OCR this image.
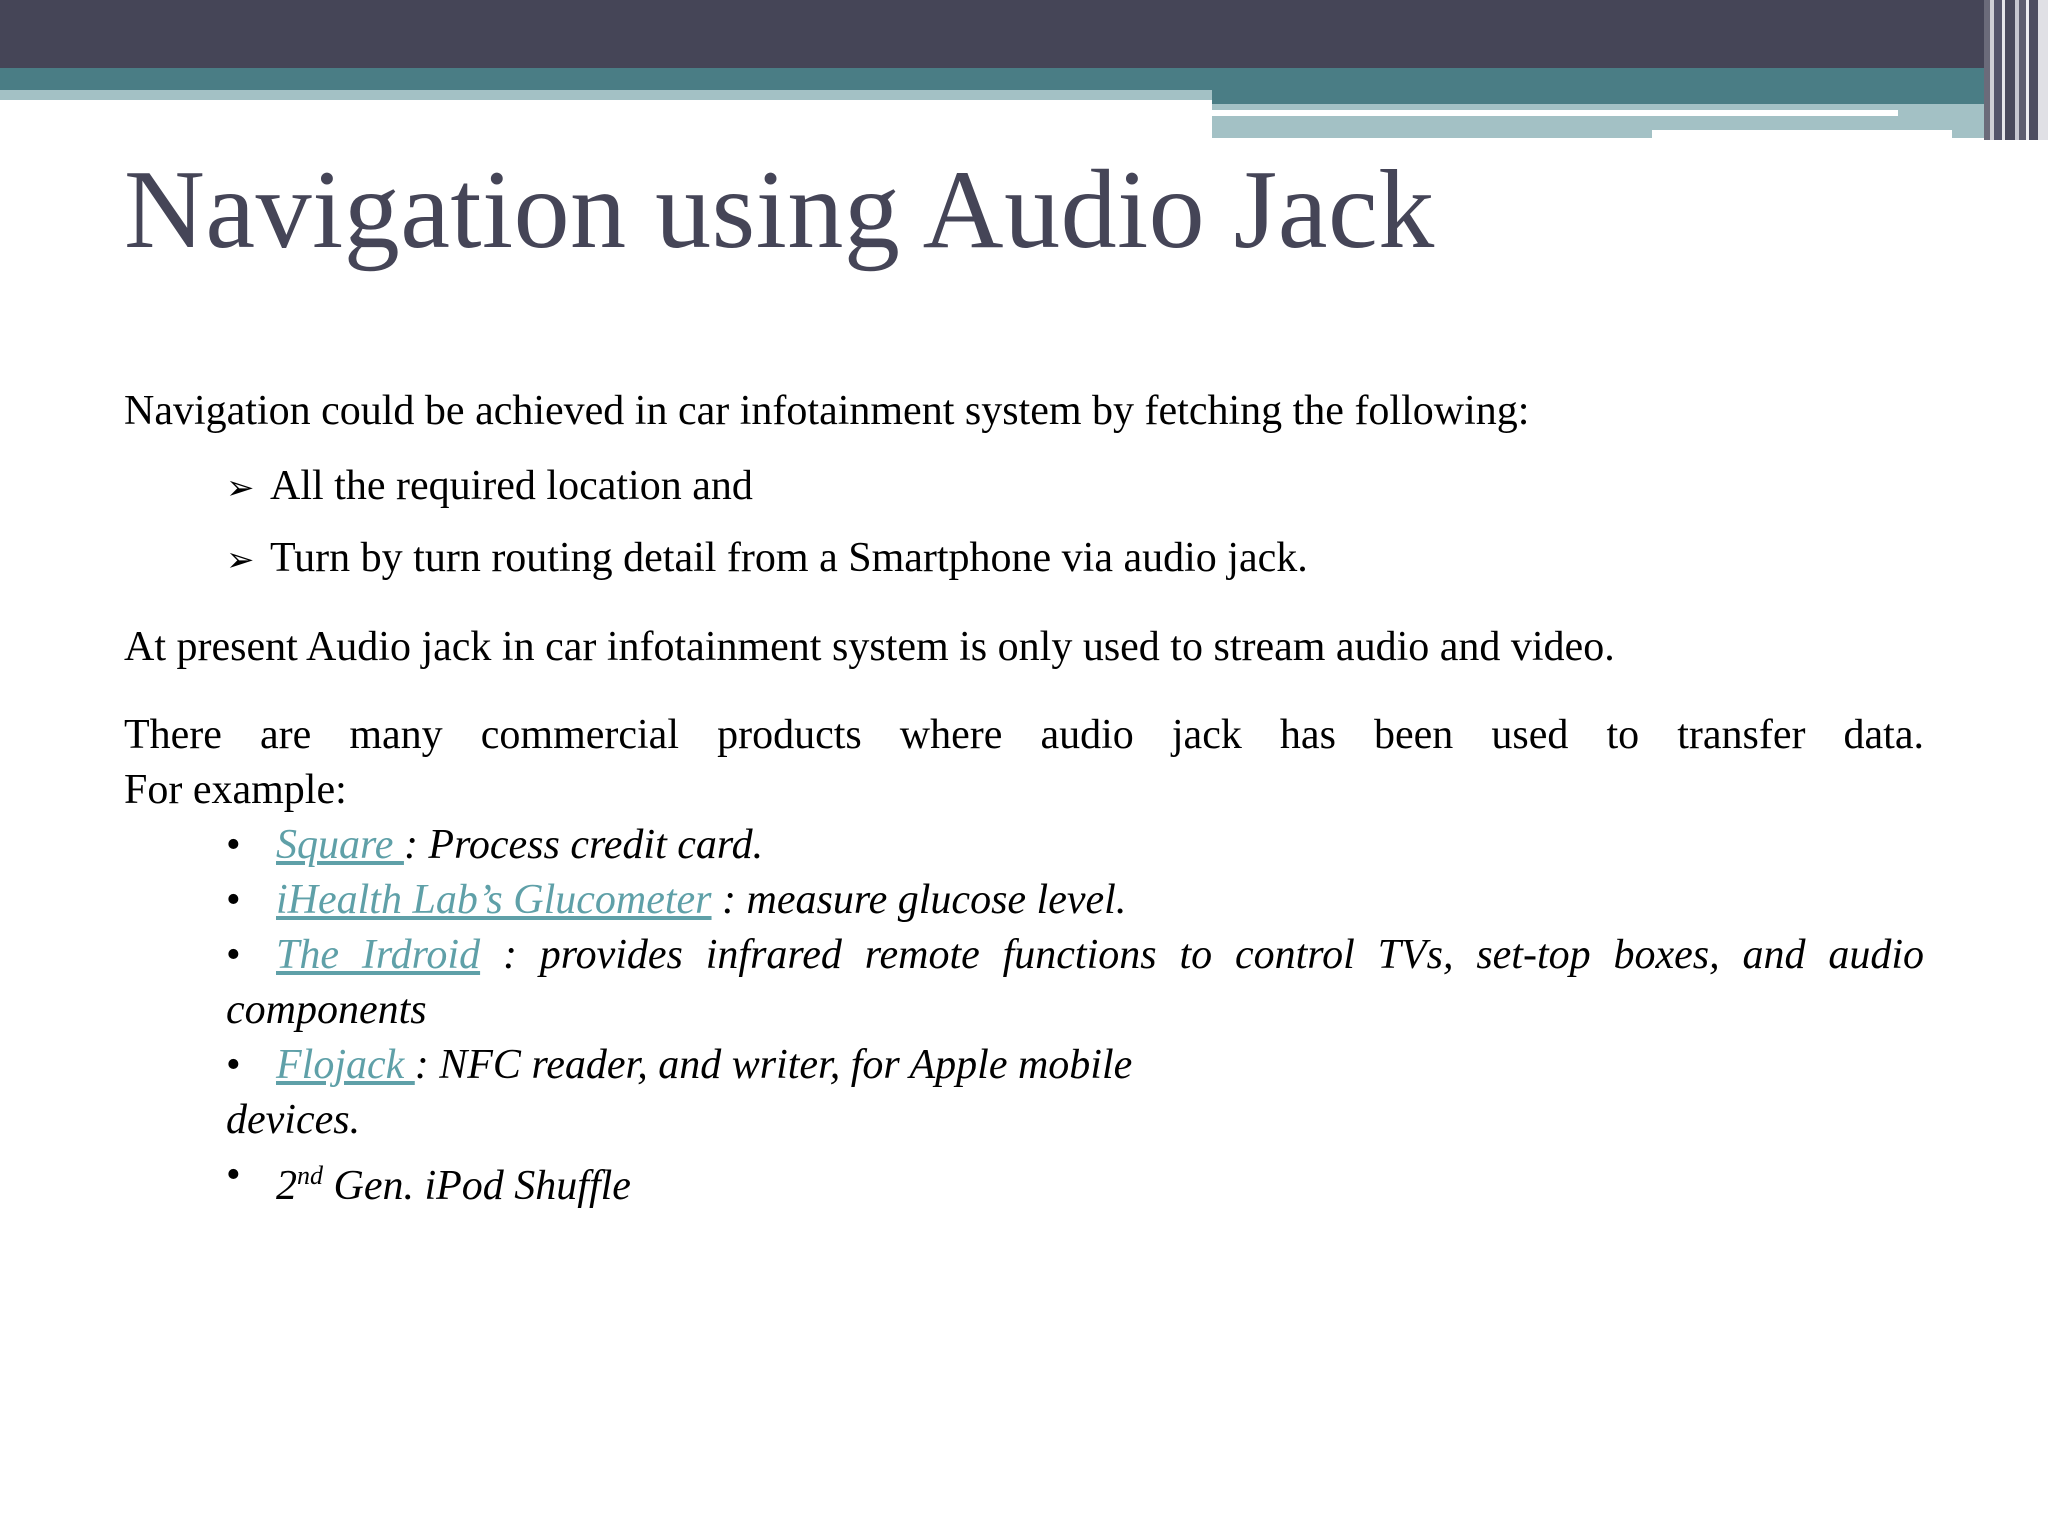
Navigation using Audio Jack

Navigation could be achieved in car infotainment system by fetching the following:

➢ All the required location and

➢ Turn by turn routing detail from a Smartphone via audio jack.

At present Audio jack in car infotainment system is only used to stream audio and video.

There are many commercial products where audio jack has been used to transfer data.
For example:

• Square : Process credit card.
• iHealth Lab’s Glucometer : measure glucose level.
• The Irdroid : provides infrared remote functions to control TVs, set-top boxes, and audio
components
• Flojack : NFC reader, and writer, for Apple mobile
devices.
• 2nd Gen. iPod Shuffle
